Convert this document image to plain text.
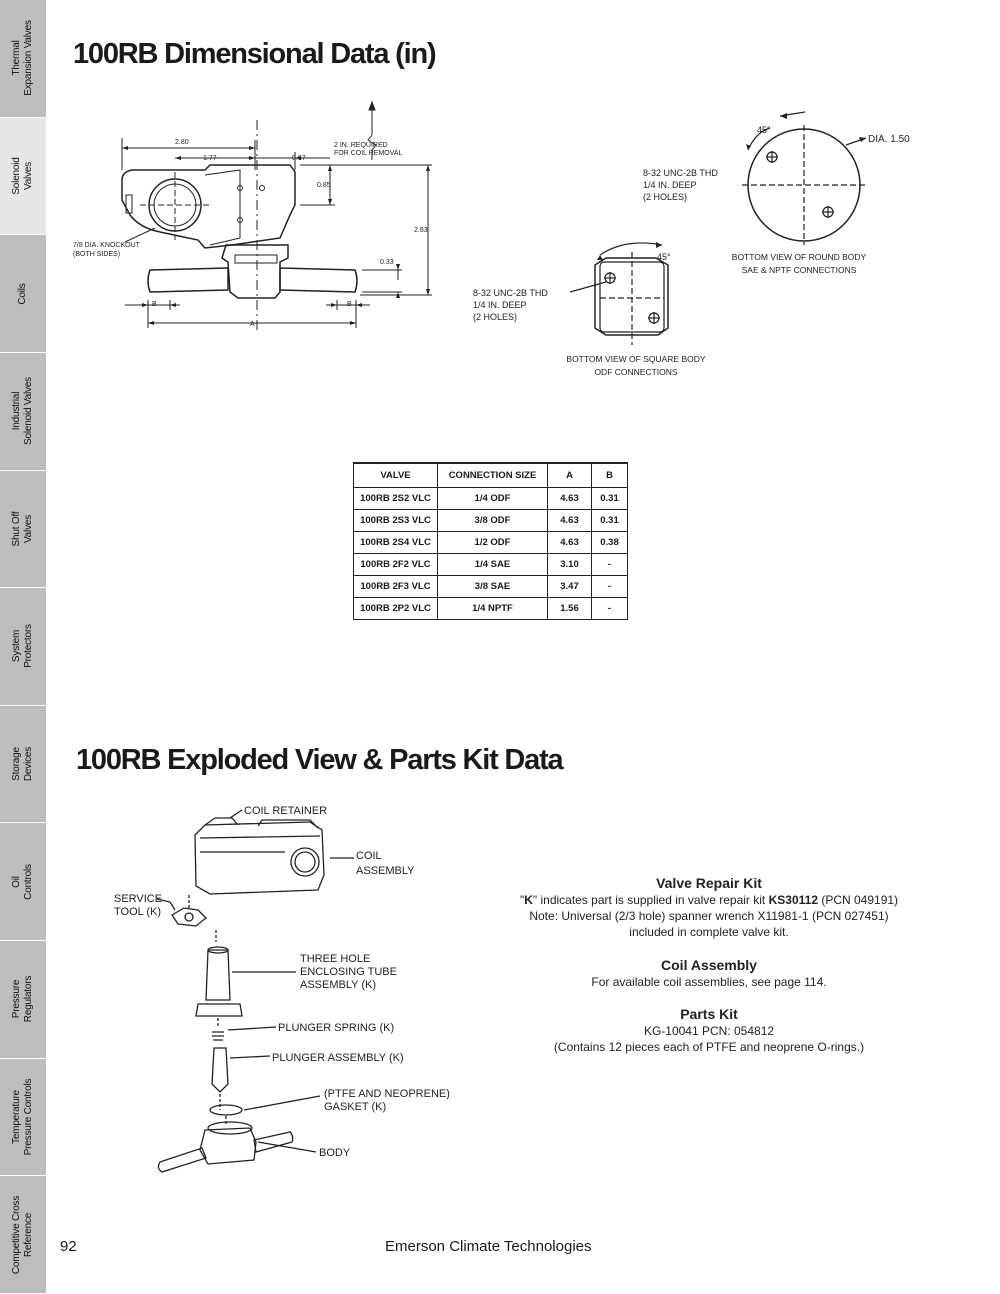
Thermal
Expansion Valves
Solenoid
Valves
Coils
Industrial
Solenoid Valves
Shut Off
Valves
System
Protectors
Storage
Devices
Oil
Controls
Pressure
Regulators
Temperature
Pressure Controls
Competitive Cross
Reference
100RB Dimensional Data (in)
2.80
1.77	0.67
0.85
2.83
0.33
2 IN. REQUIRED
FOR COIL REMOVAL
7/8 DIA. KNOCKOUT
(BOTH SIDES)
B	B
A
8-32 UNC-2B THD
1/4 IN. DEEP
(2 HOLES)
8-32 UNC-2B THD
1/4 IN. DEEP
(2 HOLES)
45°
BOTTOM VIEW OF SQUARE BODY
ODF CONNECTIONS
45°
DIA. 1.50
BOTTOM VIEW OF ROUND BODY
SAE & NPTF CONNECTIONS
VALVE	CONNECTION SIZE	A	B
100RB 2S2 VLC	1/4 ODF	4.63	0.31
100RB 2S3 VLC	3/8 ODF	4.63	0.31
100RB 2S4 VLC	1/2 ODF	4.63	0.38
100RB 2F2 VLC	1/4 SAE	3.10	-
100RB 2F3 VLC	3/8 SAE	3.47	-
100RB 2P2 VLC	1/4 NPTF	1.56	-
100RB Exploded View & Parts Kit Data
COIL RETAINER
COIL
ASSEMBLY
SERVICE
TOOL (K)
THREE HOLE
ENCLOSING TUBE
ASSEMBLY (K)
PLUNGER SPRING (K)
PLUNGER ASSEMBLY (K)
(PTFE AND NEOPRENE)
GASKET (K)
BODY
Valve Repair Kit

"K" indicates part is supplied in valve repair kit KS30112 (PCN 049191)

Note: Universal (2/3 hole) spanner wrench X11981-1 (PCN 027451)

included in complete valve kit.

Coil Assembly

For available coil assemblies, see page 114.

Parts Kit

KG-10041 PCN: 054812

(Contains 12 pieces each of PTFE and neoprene O-rings.)

92	Emerson Climate Technologies
